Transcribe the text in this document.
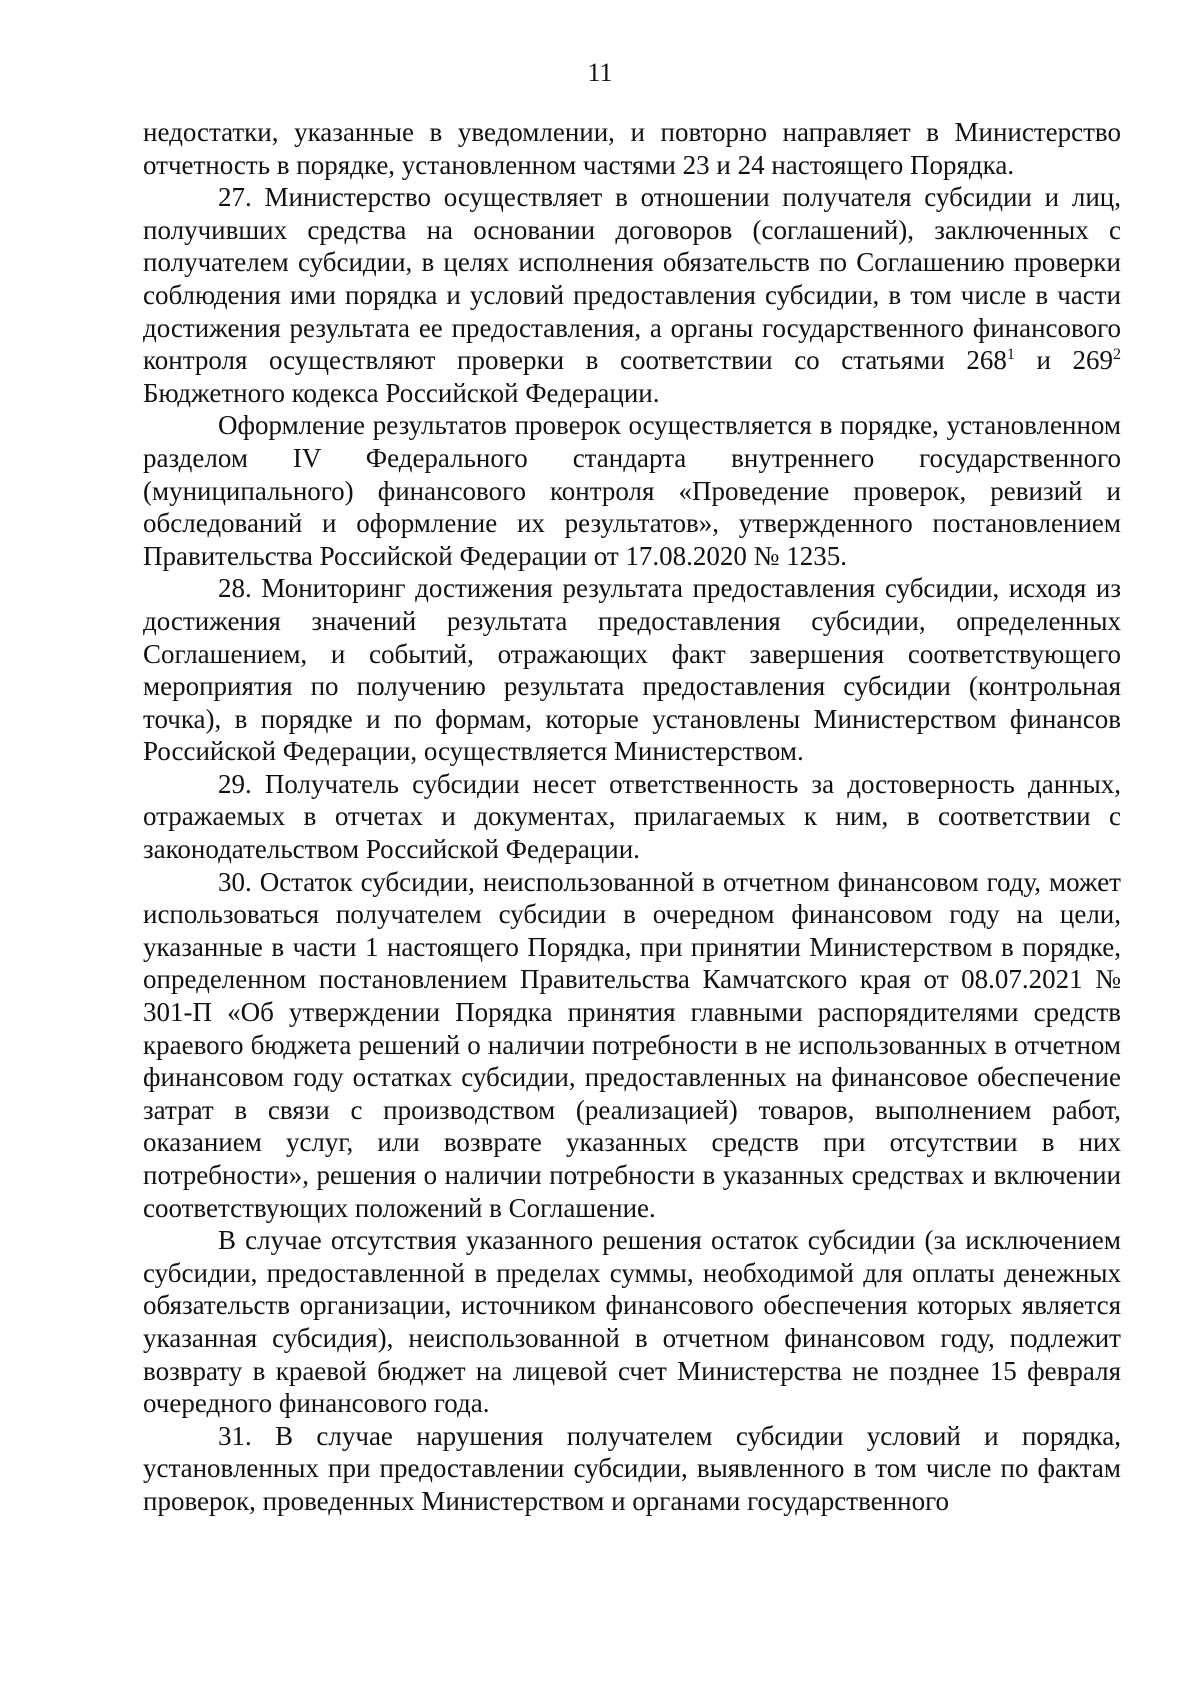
11

недостатки, указанные в уведомлении, и повторно направляет в Министерство отчетность в порядке, установленном частями 23 и 24 настоящего Порядка.

27. Министерство осуществляет в отношении получателя субсидии и лиц, получивших средства на основании договоров (соглашений), заключенных с получателем субсидии, в целях исполнения обязательств по Соглашению проверки соблюдения ими порядка и условий предоставления субсидии, в том числе в части достижения результата ее предоставления, а органы государственного финансового контроля осуществляют проверки в соответствии со статьями $268^1$ и $269^2$ Бюджетного кодекса Российской Федерации.

Оформление результатов проверок осуществляется в порядке, установленном разделом IV Федерального стандарта внутреннего государственного (муниципального) финансового контроля «Проведение проверок, ревизий и обследований и оформление их результатов», утвержденного постановлением Правительства Российской Федерации от 17.08.2020 № 1235.

28. Мониторинг достижения результата предоставления субсидии, исходя из достижения значений результата предоставления субсидии, определенных Соглашением, и событий, отражающих факт завершения соответствующего мероприятия по получению результата предоставления субсидии (контрольная точка), в порядке и по формам, которые установлены Министерством финансов Российской Федерации, осуществляется Министерством.

29. Получатель субсидии несет ответственность за достоверность данных, отражаемых в отчетах и документах, прилагаемых к ним, в соответствии с законодательством Российской Федерации.

30. Остаток субсидии, неиспользованной в отчетном финансовом году, может использоваться получателем субсидии в очередном финансовом году на цели, указанные в части 1 настоящего Порядка, при принятии Министерством в порядке, определенном постановлением Правительства Камчатского края от 08.07.2021 № 301-П «Об утверждении Порядка принятия главными распорядителями средств краевого бюджета решений о наличии потребности в не использованных в отчетном финансовом году остатках субсидии, предоставленных на финансовое обеспечение затрат в связи с производством (реализацией) товаров, выполнением работ, оказанием услуг, или возврате указанных средств при отсутствии в них потребности», решения о наличии потребности в указанных средствах и включении соответствующих положений в Соглашение.

В случае отсутствия указанного решения остаток субсидии (за исключением субсидии, предоставленной в пределах суммы, необходимой для оплаты денежных обязательств организации, источником финансового обеспечения которых является указанная субсидия), неиспользованной в отчетном финансовом году, подлежит возврату в краевой бюджет на лицевой счет Министерства не позднее 15 февраля очередного финансового года.

31. В случае нарушения получателем субсидии условий и порядка, установленных при предоставлении субсидии, выявленного в том числе по фактам проверок, проведенных Министерством и органами государственного
